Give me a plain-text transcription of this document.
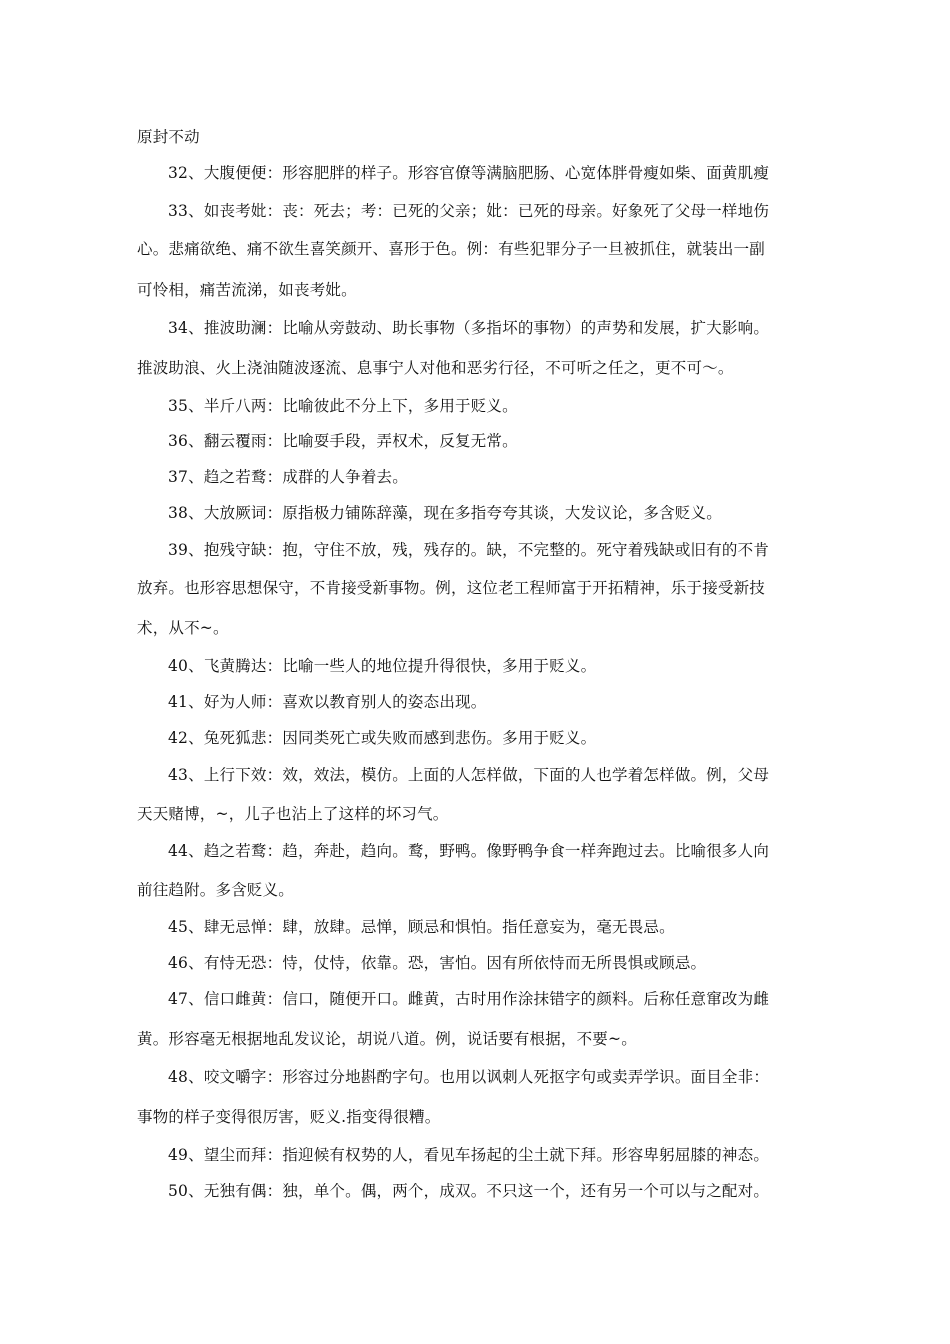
原封不动
32、大腹便便：形容肥胖的样子。形容官僚等满脑肥肠、心宽体胖骨瘦如柴、面黄肌瘦
33、如丧考妣：丧：死去；考：已死的父亲；妣：已死的母亲。好象死了父母一样地伤
心。悲痛欲绝、痛不欲生喜笑颜开、喜形于色。例：有些犯罪分子一旦被抓住，就装出一副
可怜相，痛苦流涕，如丧考妣。
34、推波助澜：比喻从旁鼓动、助长事物（多指坏的事物）的声势和发展，扩大影响。
推波助浪、火上浇油随波逐流、息事宁人对他和恶劣行径，不可听之任之，更不可～。
35、半斤八两：比喻彼此不分上下，多用于贬义。
36、翻云覆雨：比喻耍手段，弄权术，反复无常。
37、趋之若鹜：成群的人争着去。
38、大放厥词：原指极力铺陈辞藻，现在多指夸夸其谈，大发议论，多含贬义。
39、抱残守缺：抱，守住不放，残，残存的。缺，不完整的。死守着残缺或旧有的不肯
放弃。也形容思想保守，不肯接受新事物。例，这位老工程师富于开拓精神，乐于接受新技
术，从不~。
40、飞黄腾达：比喻一些人的地位提升得很快，多用于贬义。
41、好为人师：喜欢以教育别人的姿态出现。
42、兔死狐悲：因同类死亡或失败而感到悲伤。多用于贬义。
43、上行下效：效，效法，模仿。上面的人怎样做，下面的人也学着怎样做。例，父母
天天赌博，~，儿子也沾上了这样的坏习气。
44、趋之若鹜：趋，奔赴，趋向。鹜，野鸭。像野鸭争食一样奔跑过去。比喻很多人向
前往趋附。多含贬义。
45、肆无忌惮：肆，放肆。忌惮，顾忌和惧怕。指任意妄为，毫无畏忌。
46、有恃无恐：恃，仗恃，依靠。恐，害怕。因有所依恃而无所畏惧或顾忌。
47、信口雌黄：信口，随便开口。雌黄，古时用作涂抹错字的颜料。后称任意窜改为雌
黄。形容毫无根据地乱发议论，胡说八道。例，说话要有根据，不要~。
48、咬文嚼字：形容过分地斟酌字句。也用以讽刺人死抠字句或卖弄学识。面目全非：
事物的样子变得很厉害，贬义.指变得很糟。
49、望尘而拜：指迎候有权势的人，看见车扬起的尘土就下拜。形容卑躬屈膝的神态。
50、无独有偶：独，单个。偶，两个，成双。不只这一个，还有另一个可以与之配对。
